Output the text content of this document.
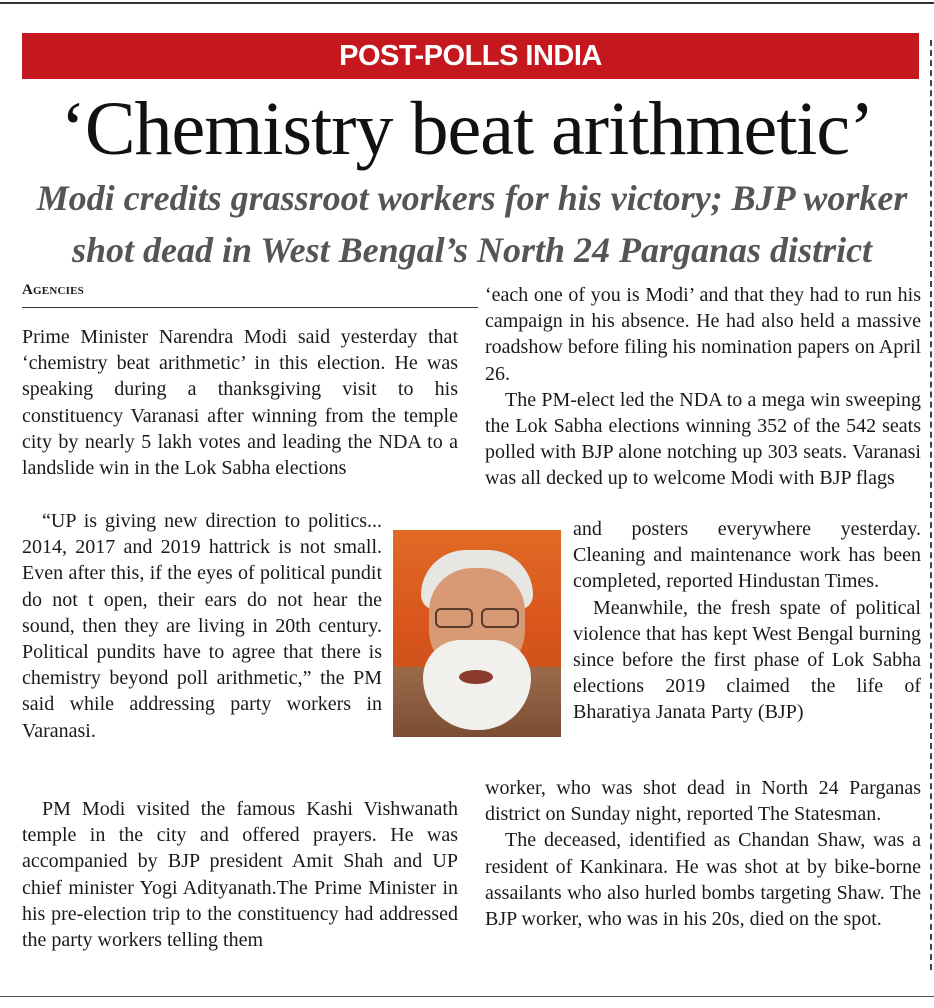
POST-POLLS INDIA
‘Chemistry beat arithmetic’
Modi credits grassroot workers for his victory; BJP worker
shot dead in West Bengal’s North 24 Parganas district
Agencies

Prime Minister Narendra Modi said yesterday that ‘chemistry beat arithmetic’ in this election. He was speaking during a thanksgiving visit to his constituency Varanasi after winning from the temple city by nearly 5 lakh votes and leading the NDA to a landslide win in the Lok Sabha elections

“UP is giving new direction to politics... 2014, 2017 and 2019 hattrick is not small. Even after this, if the eyes of political pundit do not t open, their ears do not hear the sound, then they are living in 20th century. Political pundits have to agree that there is chemistry beyond poll arithmetic,” the PM said while addressing party workers in Varanasi.

PM Modi visited the famous Kashi Vishwanath temple in the city and offered prayers. He was accompanied by BJP president Amit Shah and UP chief minister Yogi Adityanath.The Prime Minister in his pre-election trip to the constituency had addressed the party workers telling them

‘each one of you is Modi’ and that they had to run his campaign in his absence. He had also held a massive roadshow before filing his nomination papers on April 26.

The PM-elect led the NDA to a mega win sweeping the Lok Sabha elections winning 352 of the 542 seats polled with BJP alone notching up 303 seats. Varanasi was all decked up to welcome Modi with BJP flags

and posters everywhere yesterday. Cleaning and maintenance work has been completed, reported Hindustan Times.

Meanwhile, the fresh spate of political violence that has kept West Bengal burning since before the first phase of Lok Sabha elections 2019 claimed the life of Bharatiya Janata Party (BJP)

worker, who was shot dead in North 24 Parganas district on Sunday night, reported The Statesman.

The deceased, identified as Chandan Shaw, was a resident of Kankinara. He was shot at by bike-borne assailants who also hurled bombs targeting Shaw. The BJP worker, who was in his 20s, died on the spot.
